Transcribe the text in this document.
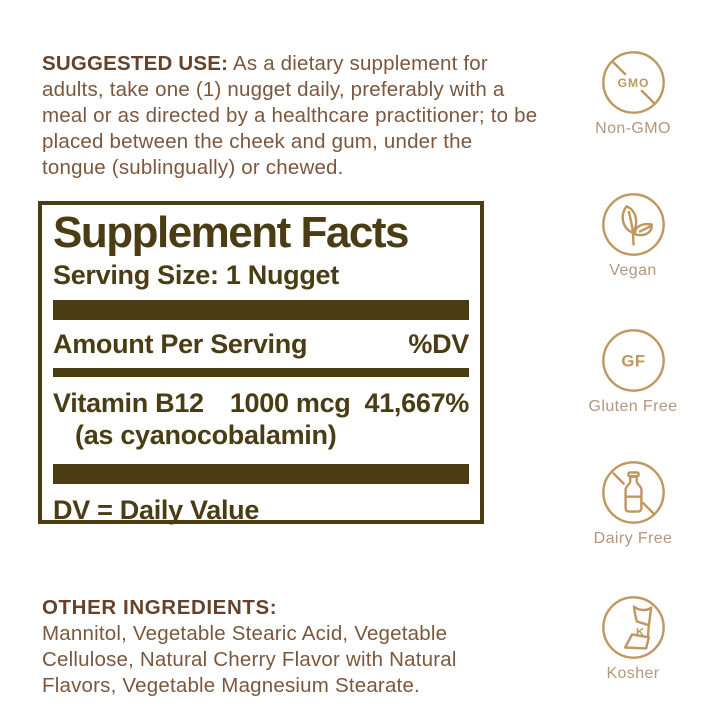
SUGGESTED USE: As a dietary supplement for adults, take one (1) nugget daily, preferably with a meal or as directed by a healthcare practitioner; to be placed between the cheek and gum, under the tongue (sublingually) or chewed.

Supplement Facts
Serving Size: 1 Nugget
Amount Per Serving	%DV
Vitamin B12 1000 mcg 41,667%
(as cyanocobalamin)
DV = Daily Value

OTHER INGREDIENTS:
Mannitol, Vegetable Stearic Acid, Vegetable Cellulose, Natural Cherry Flavor with Natural Flavors, Vegetable Magnesium Stearate.

GMO
Non-GMO
Vegan
GF
Gluten Free
Dairy Free
K
Kosher
